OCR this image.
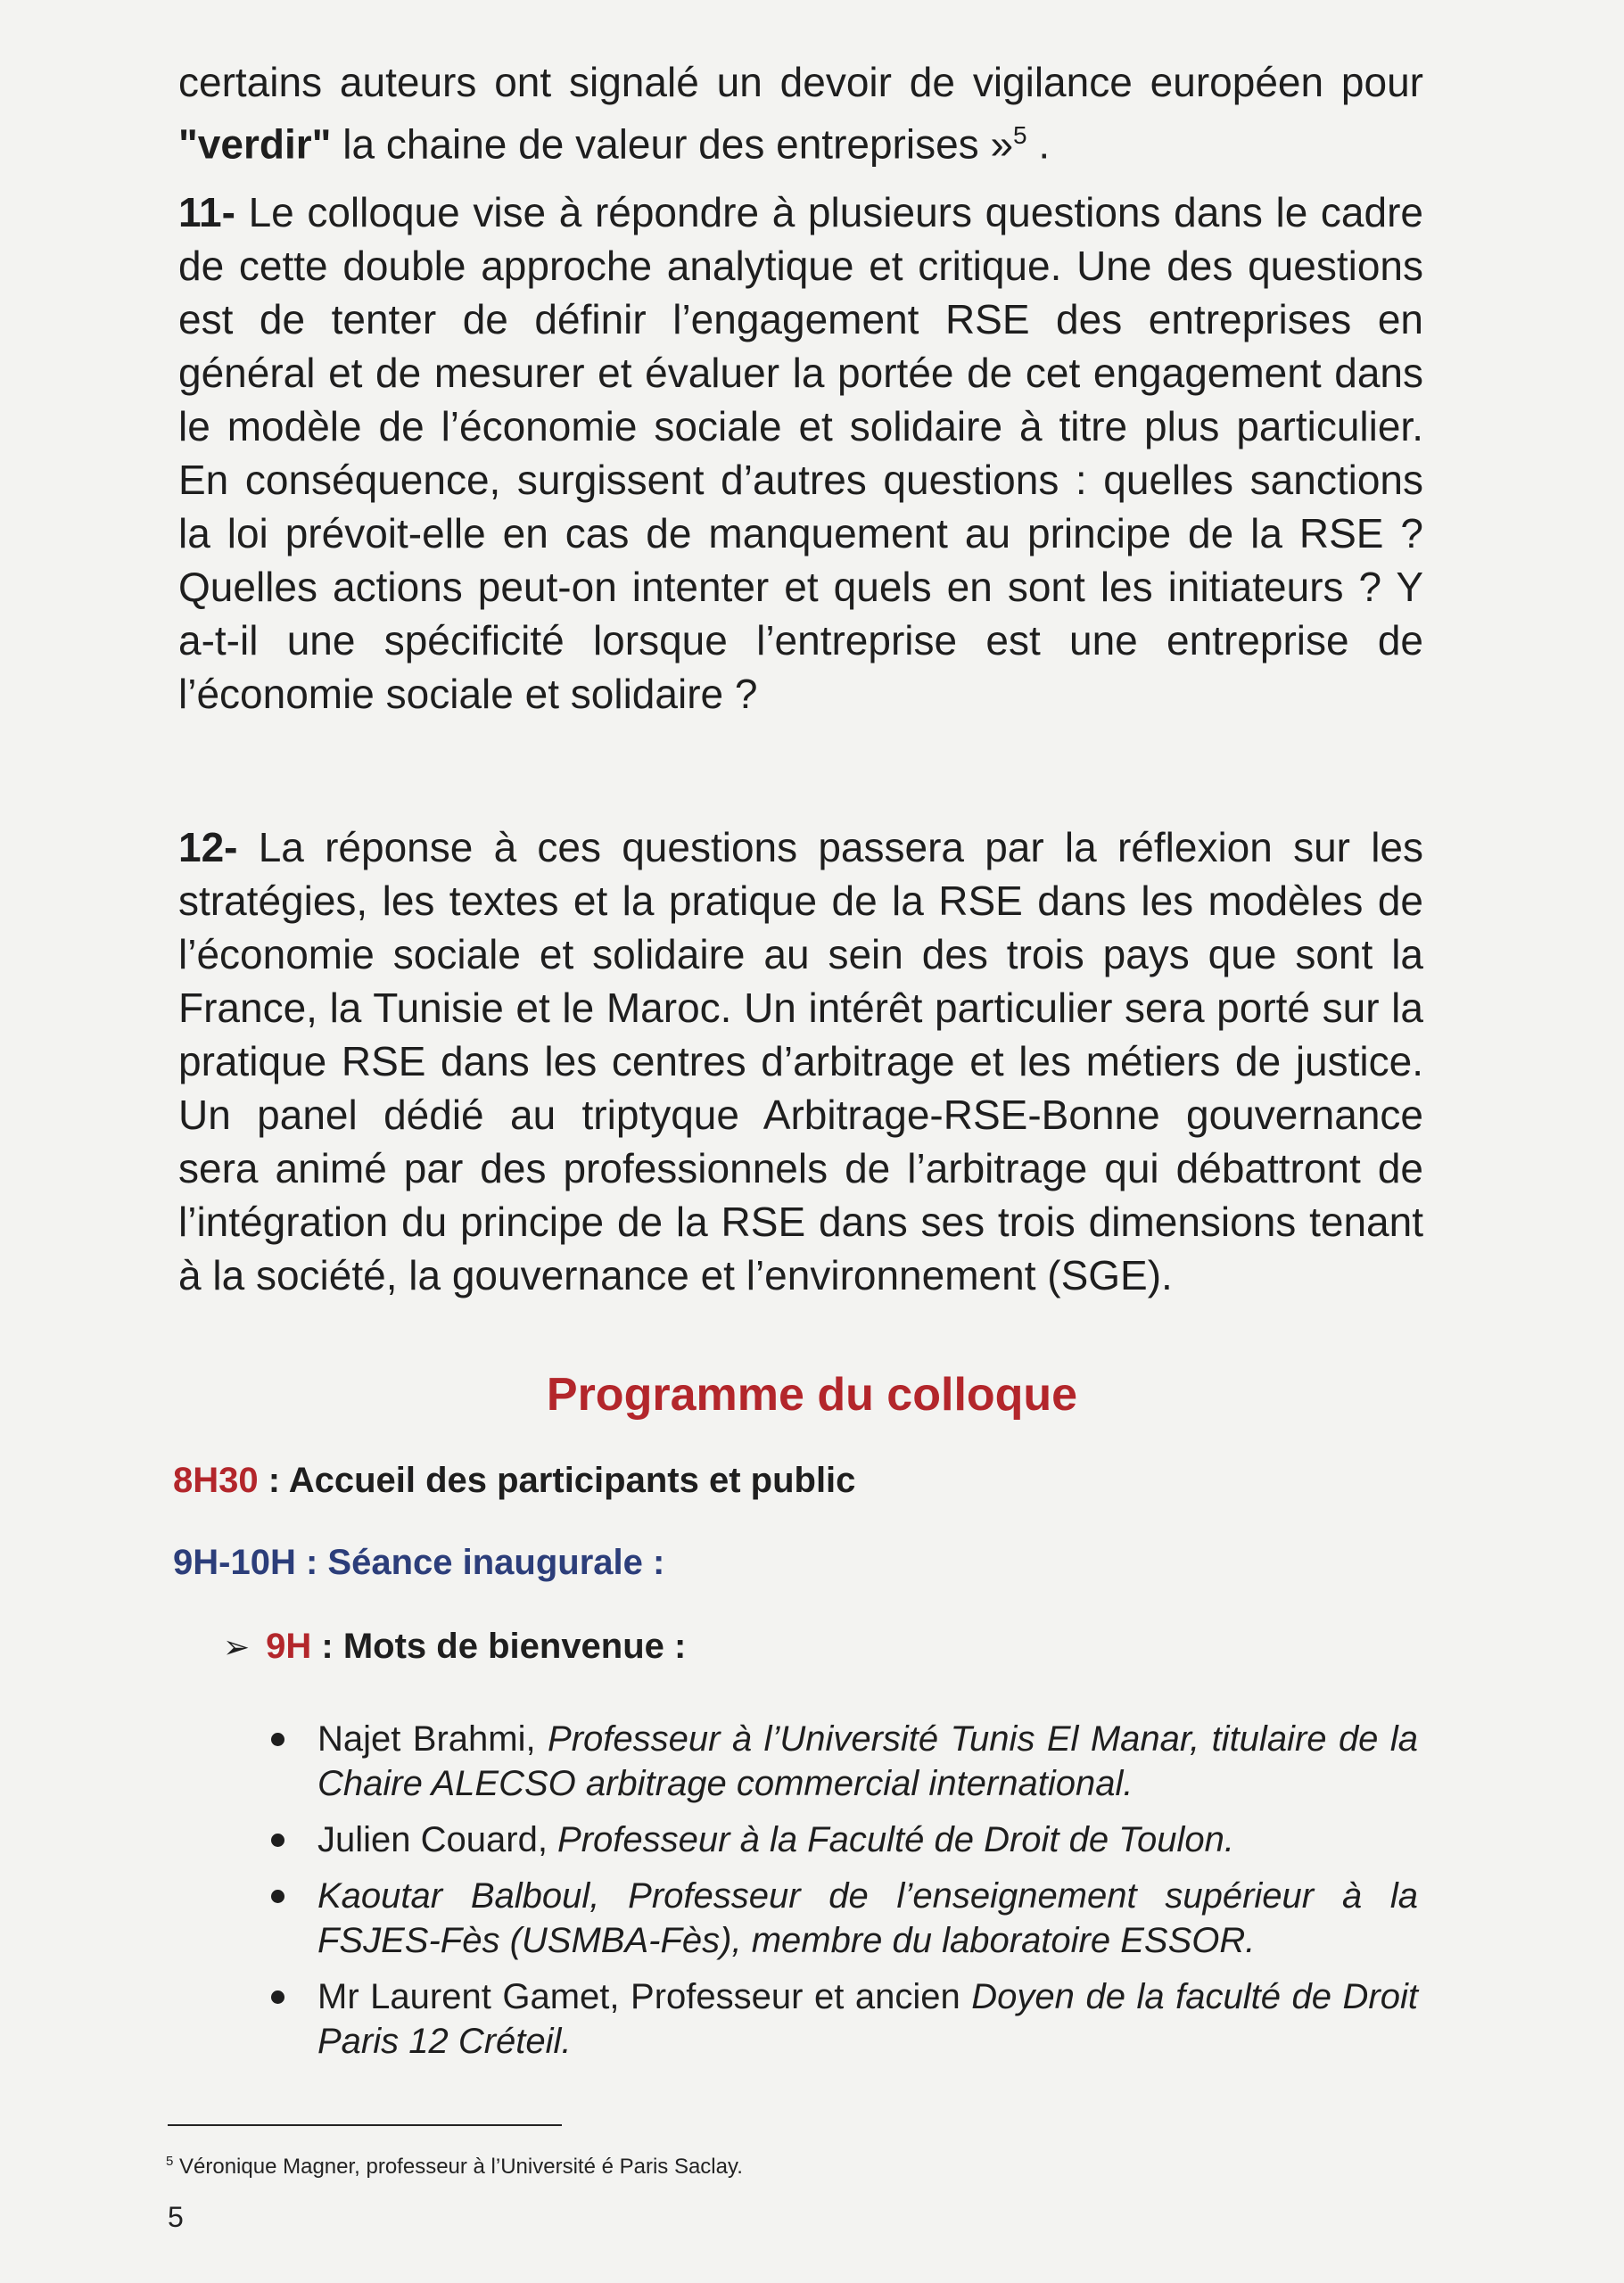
certains auteurs ont signalé un devoir de vigilance européen pour "verdir" la chaine de valeur des entreprises »$^5$ .

11- Le colloque vise à répondre à plusieurs questions dans le cadre de cette double approche analytique et critique. Une des questions est de tenter de définir l’engagement RSE des entreprises en général et de mesurer et évaluer la portée de cet engagement dans le modèle de l’économie sociale et solidaire à titre plus particulier. En conséquence, surgissent d’autres questions : quelles sanctions la loi prévoit-elle en cas de manquement au principe de la RSE ? Quelles actions peut-on intenter et quels en sont les initiateurs ? Y a-t-il une spécificité lorsque l’entreprise est une entreprise de l’économie sociale et solidaire ?

12- La réponse à ces questions passera par la réflexion sur les stratégies, les textes et la pratique de la RSE dans les modèles de l’économie sociale et solidaire au sein des trois pays que sont la France, la Tunisie et le Maroc. Un intérêt particulier sera porté sur la pratique RSE dans les centres d’arbitrage et les métiers de justice. Un panel dédié au triptyque Arbitrage-RSE-Bonne gouvernance sera animé par des professionnels de l’arbitrage qui débattront de l’intégration du principe de la RSE dans ses trois dimensions tenant à la société, la gouvernance et l’environnement (SGE).

Programme du colloque
8H30 : Accueil des participants et public
9H-10H : Séance inaugurale :
➢ 9H : Mots de bienvenue :
Najet Brahmi, Professeur à l’Université Tunis El Manar, titulaire de la Chaire ALECSO arbitrage commercial international.
Julien Couard, Professeur à la Faculté de Droit de Toulon.
Kaoutar Balboul, Professeur de l’enseignement supérieur à la FSJES-Fès (USMBA-Fès), membre du laboratoire ESSOR.
Mr Laurent Gamet, Professeur et ancien Doyen de la faculté de Droit Paris 12 Créteil.
$^5$ Véronique Magner, professeur à l’Université é Paris Saclay.
5
